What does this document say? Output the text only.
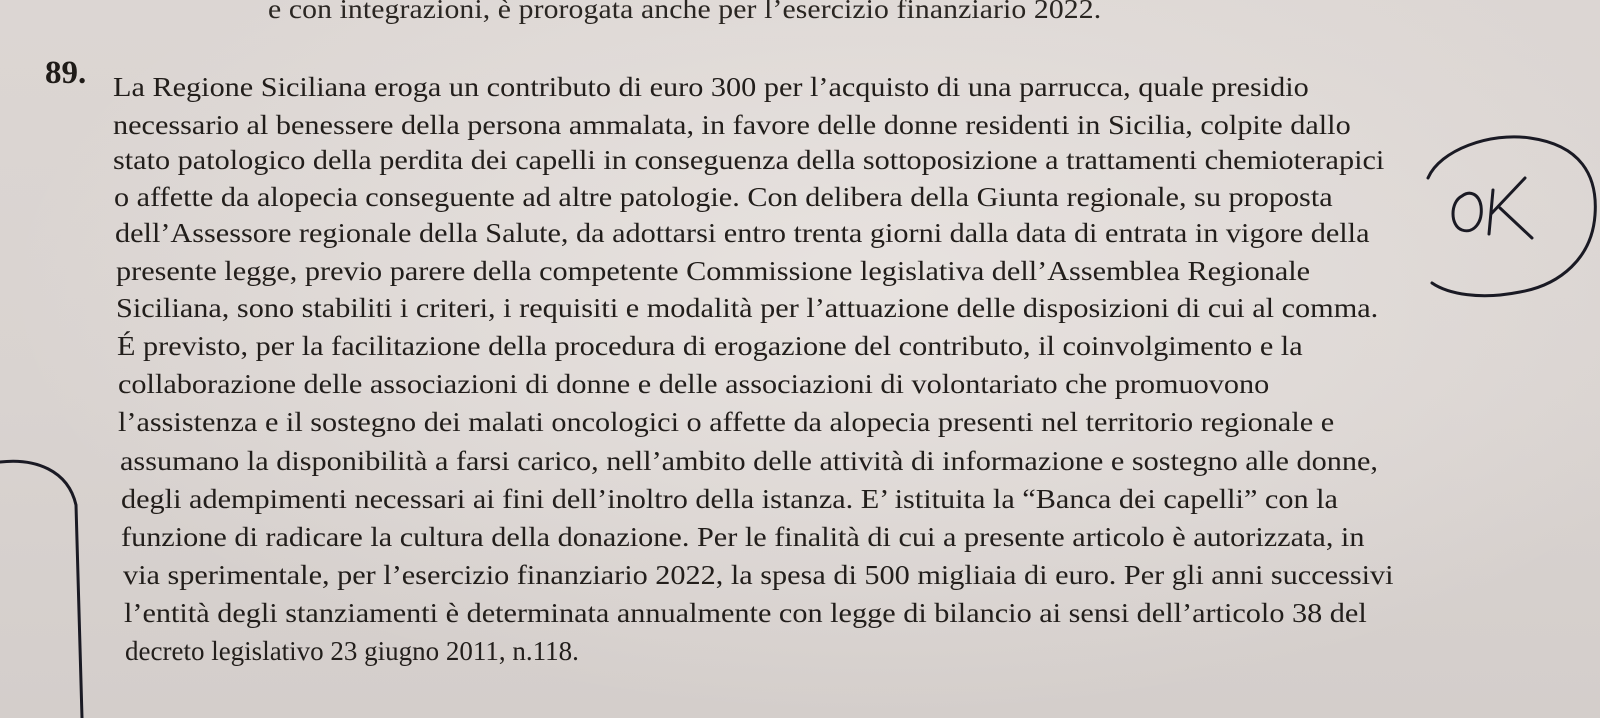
e con integrazioni, è prorogata anche per l’esercizio finanziario 2022.
89. La Regione Siciliana eroga un contributo di euro 300 per l’acquisto di una parrucca, quale presidio
necessario al benessere della persona ammalata, in favore delle donne residenti in Sicilia, colpite dallo
stato patologico della perdita dei capelli in conseguenza della sottoposizione a trattamenti chemioterapici
o affette da alopecia conseguente ad altre patologie. Con delibera della Giunta regionale, su proposta
dell’Assessore regionale della Salute, da adottarsi entro trenta giorni dalla data di entrata in vigore della
presente legge, previo parere della competente Commissione legislativa dell’Assemblea Regionale
Siciliana, sono stabiliti i criteri, i requisiti e modalità per l’attuazione delle disposizioni di cui al comma.
É previsto, per la facilitazione della procedura di erogazione del contributo, il coinvolgimento e la
collaborazione delle associazioni di donne e delle associazioni di volontariato che promuovono
l’assistenza e il sostegno dei malati oncologici o affette da alopecia presenti nel territorio regionale e
assumano la disponibilità a farsi carico, nell’ambito delle attività di informazione e sostegno alle donne,
degli adempimenti necessari ai fini dell’inoltro della istanza. E’ istituita la “Banca dei capelli” con la
funzione di radicare la cultura della donazione. Per le finalità di cui a presente articolo è autorizzata, in
via sperimentale, per l’esercizio finanziario 2022, la spesa di 500 migliaia di euro. Per gli anni successivi
l’entità degli stanziamenti è determinata annualmente con legge di bilancio ai sensi dell’articolo 38 del
decreto legislativo 23 giugno 2011, n.118.
